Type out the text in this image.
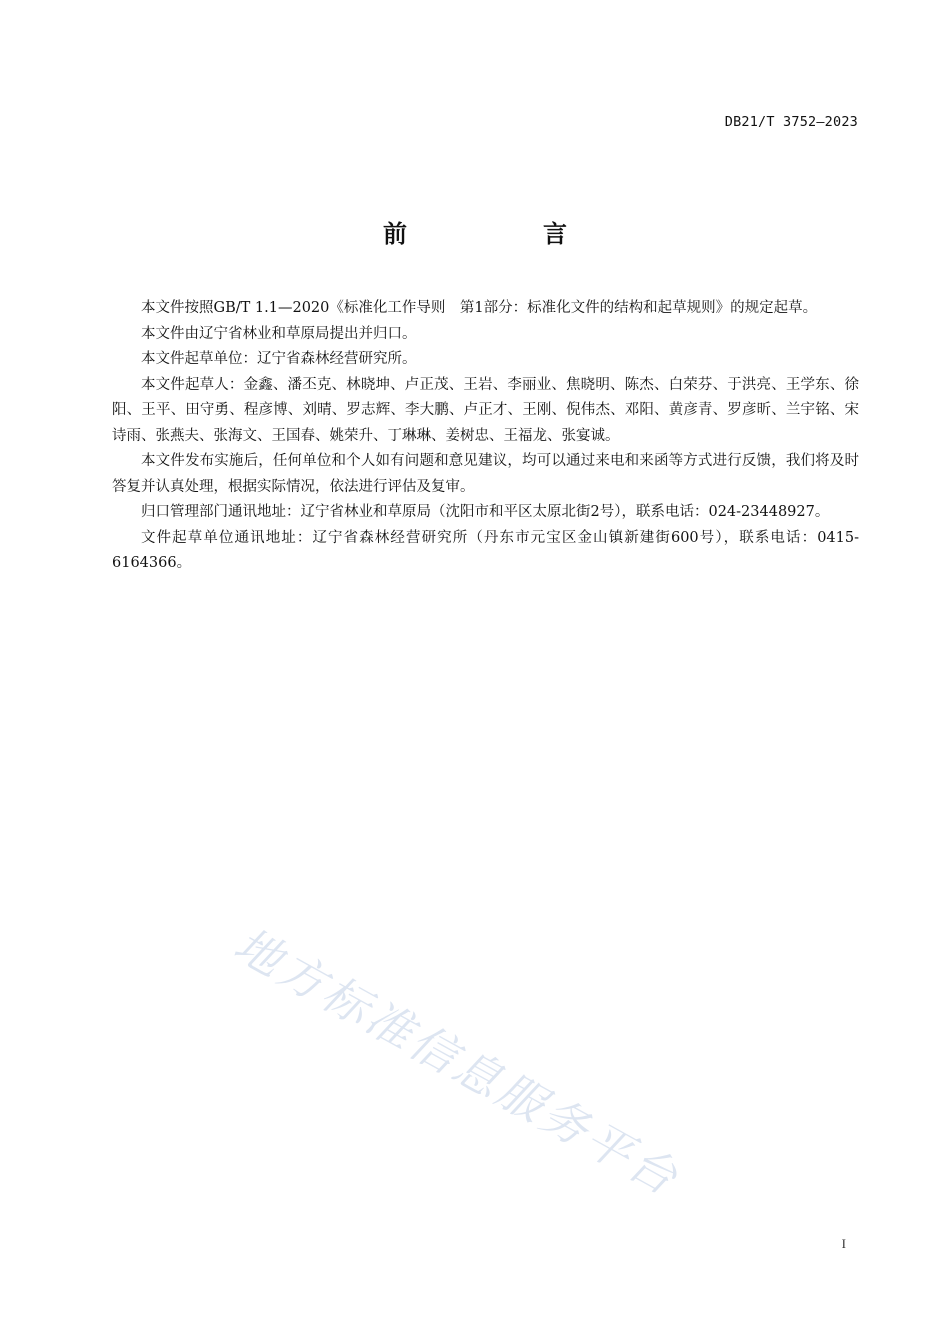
DB21/T 3752—2023
前　言

本文件按照GB/T 1.1—2020《标准化工作导则　第1部分：标准化文件的结构和起草规则》的规定起草。

本文件由辽宁省林业和草原局提出并归口。

本文件起草单位：辽宁省森林经营研究所。

本文件起草人：金鑫、潘丕克、林晓坤、卢正茂、王岩、李丽业、焦晓明、陈杰、白荣芬、于洪亮、王学东、徐阳、王平、田守勇、程彦博、刘晴、罗志辉、李大鹏、卢正才、王刚、倪伟杰、邓阳、黄彦青、罗彦昕、兰宇铭、宋诗雨、张燕夫、张海文、王国春、姚荣升、丁琳琳、姜树忠、王福龙、张宴诚。

本文件发布实施后，任何单位和个人如有问题和意见建议，均可以通过来电和来函等方式进行反馈，我们将及时答复并认真处理，根据实际情况，依法进行评估及复审。

归口管理部门通讯地址：辽宁省林业和草原局（沈阳市和平区太原北街2号），联系电话：024-23448927。

文件起草单位通讯地址：辽宁省森林经营研究所（丹东市元宝区金山镇新建街600号），联系电话：0415-6164366。

地方标准信息服务平台
I
